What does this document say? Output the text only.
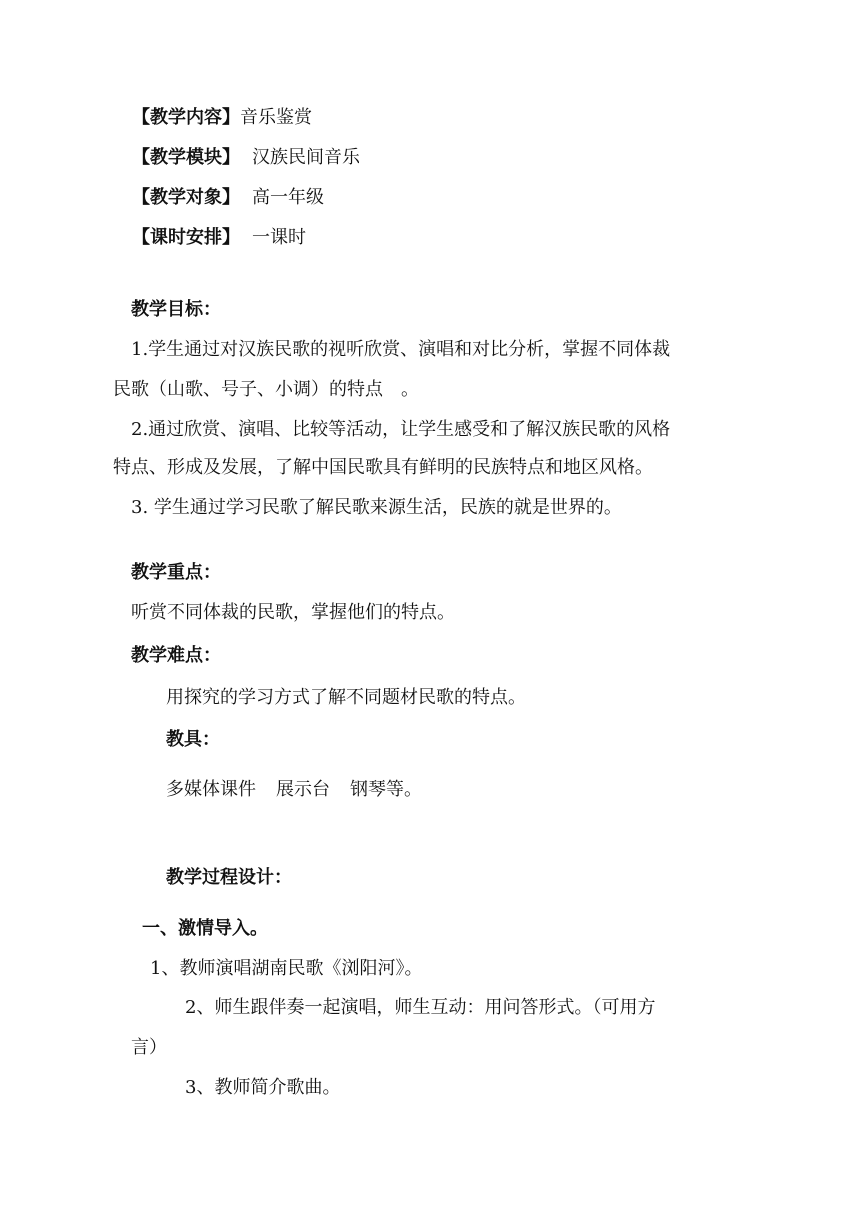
【教学内容】音乐鉴赏
【教学模块】 汉族民间音乐
【教学对象】 高一年级
【课时安排】 一课时
教学目标：
1.学生通过对汉族民歌的视听欣赏、演唱和对比分析，掌握不同体裁
民歌（山歌、号子、小调）的特点　。
2.通过欣赏、演唱、比较等活动，让学生感受和了解汉族民歌的风格
特点、形成及发展，了解中国民歌具有鲜明的民族特点和地区风格。
3. 学生通过学习民歌了解民歌来源生活，民族的就是世界的。
教学重点：
听赏不同体裁的民歌，掌握他们的特点。
教学难点：
用探究的学习方式了解不同题材民歌的特点。
教具：
多媒体课件 展示台 钢琴等。
教学过程设计：
一、激情导入。
1、教师演唱湖南民歌《浏阳河》。
2、师生跟伴奏一起演唱，师生互动：用问答形式。（可用方
言）
3、教师简介歌曲。
